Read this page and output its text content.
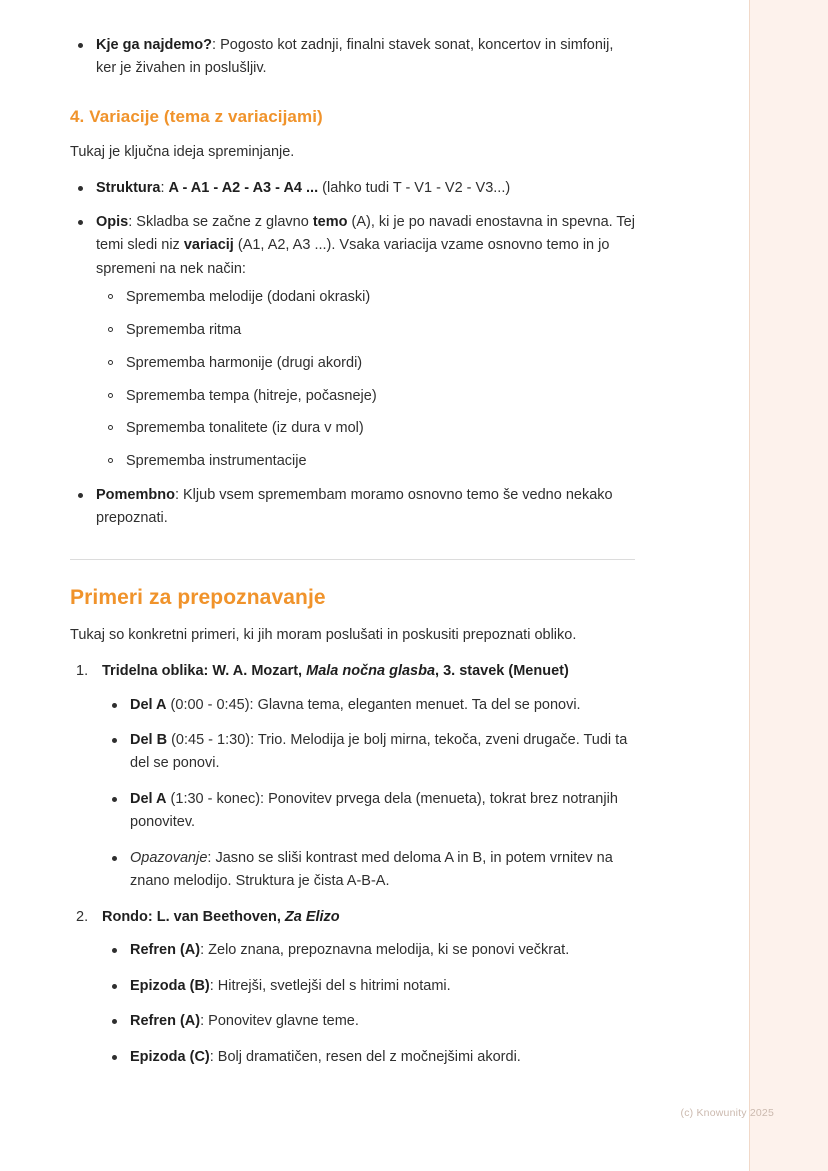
Kje ga najdemo?: Pogosto kot zadnji, finalni stavek sonat, koncertov in simfonij, ker je živahen in poslušljiv.
4. Variacije (tema z variacijami)

Tukaj je ključna ideja spreminjanje.

Struktura: A - A1 - A2 - A3 - A4 ... (lahko tudi T - V1 - V2 - V3...)
Opis: Skladba se začne z glavno temo (A), ki je po navadi enostavna in spevna. Tej temi sledi niz variacij (A1, A2, A3 ...). Vsaka variacija vzame osnovno temo in jo spremeni na nek način:
Sprememba melodije (dodani okraski)
Sprememba ritma
Sprememba harmonije (drugi akordi)
Sprememba tempa (hitreje, počasneje)
Sprememba tonalitete (iz dura v mol)
Sprememba instrumentacije
Pomembno: Kljub vsem spremembam moramo osnovno temo še vedno nekako prepoznati.
Primeri za prepoznavanje

Tukaj so konkretni primeri, ki jih moram poslušati in poskusiti prepoznati obliko.

Tridelna oblika: W. A. Mozart, Mala nočna glasba, 3. stavek (Menuet)
Del A (0:00 - 0:45): Glavna tema, eleganten menuet. Ta del se ponovi.
Del B (0:45 - 1:30): Trio. Melodija je bolj mirna, tekoča, zveni drugače. Tudi ta del se ponovi.
Del A (1:30 - konec): Ponovitev prvega dela (menueta), tokrat brez notranjih ponovitev.
Opazovanje: Jasno se sliši kontrast med deloma A in B, in potem vrnitev na znano melodijo. Struktura je čista A-B-A.
Rondo: L. van Beethoven, Za Elizo
Refren (A): Zelo znana, prepoznavna melodija, ki se ponovi večkrat.
Epizoda (B): Hitrejši, svetlejši del s hitrimi notami.
Refren (A): Ponovitev glavne teme.
Epizoda (C): Bolj dramatičen, resen del z močnejšimi akordi.
(c) Knowunity 2025
